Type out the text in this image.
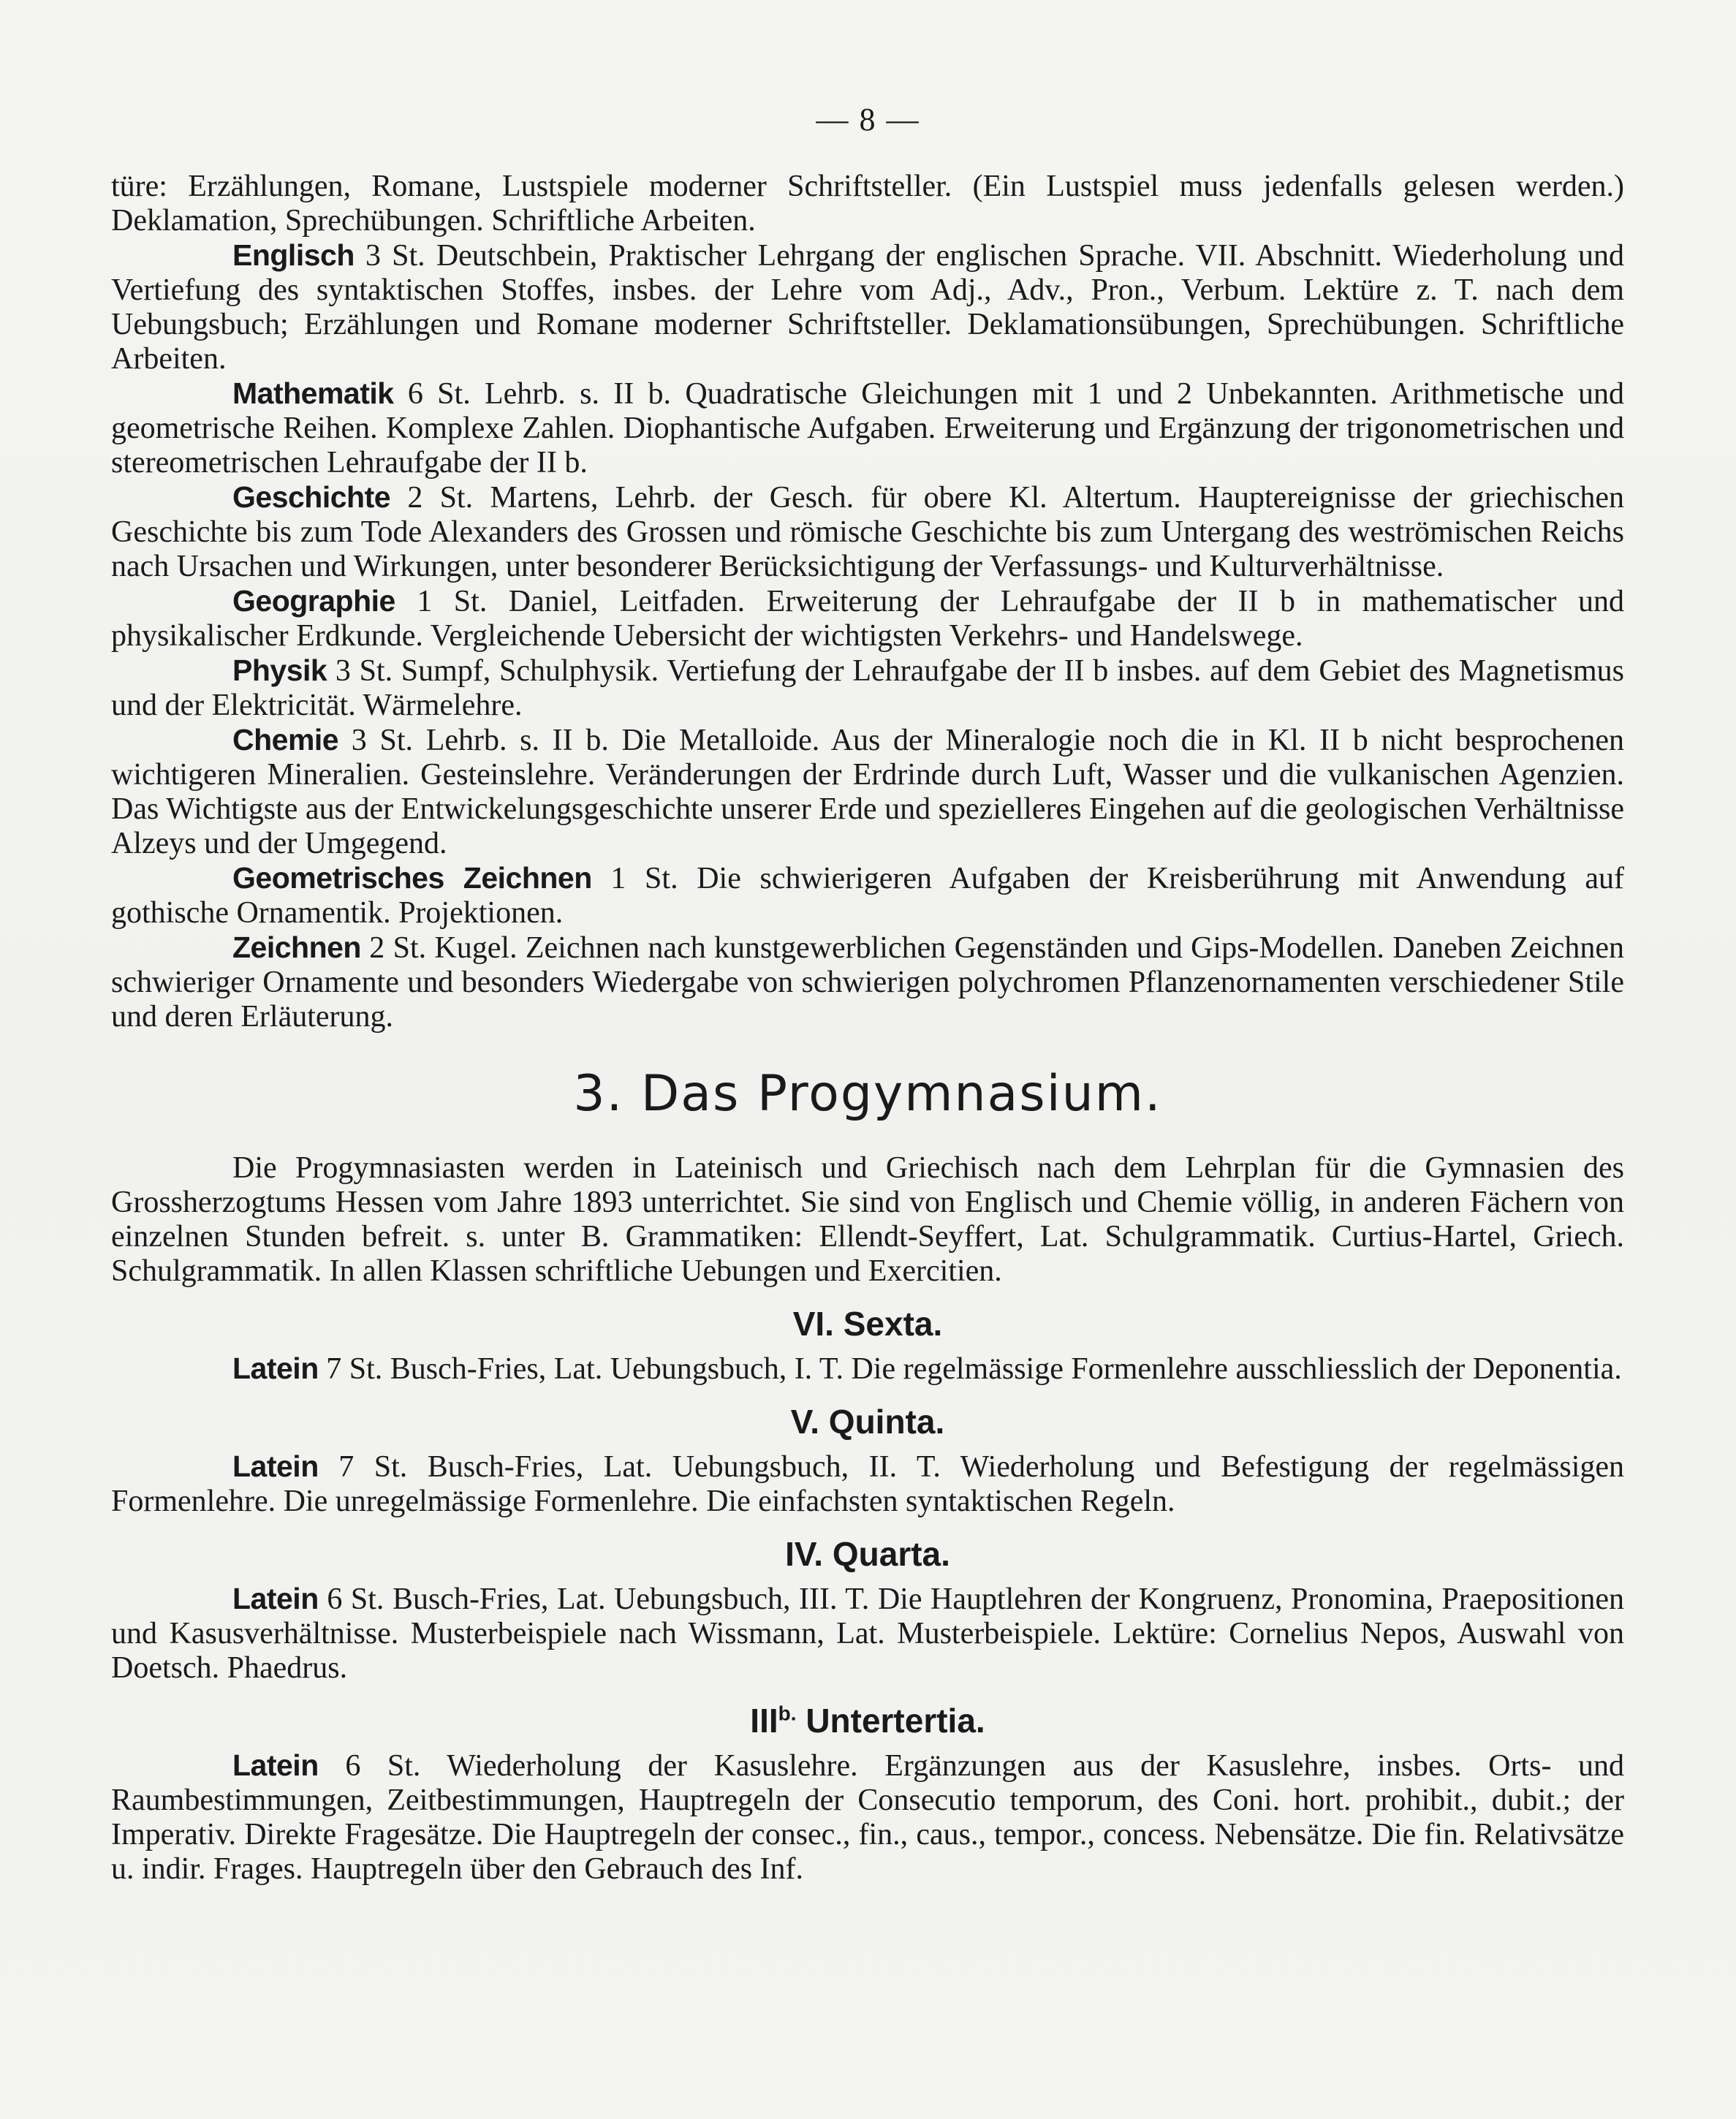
— 8 —

türe: Erzählungen, Romane, Lustspiele moderner Schriftsteller. (Ein Lustspiel muss jedenfalls gelesen werden.) Deklamation, Sprechübungen. Schriftliche Arbeiten.

Englisch 3 St. Deutschbein, Praktischer Lehrgang der englischen Sprache. VII. Abschnitt. Wiederholung und Vertiefung des syntaktischen Stoffes, insbes. der Lehre vom Adj., Adv., Pron., Verbum. Lektüre z. T. nach dem Uebungsbuch; Erzählungen und Romane moderner Schriftsteller. Deklamationsübungen, Sprechübungen. Schriftliche Arbeiten.

Mathematik 6 St. Lehrb. s. II b. Quadratische Gleichungen mit 1 und 2 Unbekannten. Arithmetische und geometrische Reihen. Komplexe Zahlen. Diophantische Aufgaben. Erweiterung und Ergänzung der trigonometrischen und stereometrischen Lehraufgabe der II b.

Geschichte 2 St. Martens, Lehrb. der Gesch. für obere Kl. Altertum. Hauptereignisse der griechischen Geschichte bis zum Tode Alexanders des Grossen und römische Geschichte bis zum Untergang des weströmischen Reichs nach Ursachen und Wirkungen, unter besonderer Berücksichtigung der Verfassungs- und Kulturverhältnisse.

Geographie 1 St. Daniel, Leitfaden. Erweiterung der Lehraufgabe der II b in mathematischer und physikalischer Erdkunde. Vergleichende Uebersicht der wichtigsten Verkehrs- und Handelswege.

Physik 3 St. Sumpf, Schulphysik. Vertiefung der Lehraufgabe der II b insbes. auf dem Gebiet des Magnetismus und der Elektricität. Wärmelehre.

Chemie 3 St. Lehrb. s. II b. Die Metalloide. Aus der Mineralogie noch die in Kl. II b nicht besprochenen wichtigeren Mineralien. Gesteinslehre. Veränderungen der Erdrinde durch Luft, Wasser und die vulkanischen Agenzien. Das Wichtigste aus der Entwickelungsgeschichte unserer Erde und spezielleres Eingehen auf die geologischen Verhältnisse Alzeys und der Umgegend.

Geometrisches Zeichnen 1 St. Die schwierigeren Aufgaben der Kreisberührung mit Anwendung auf gothische Ornamentik. Projektionen.

Zeichnen 2 St. Kugel. Zeichnen nach kunstgewerblichen Gegenständen und Gips-Modellen. Daneben Zeichnen schwieriger Ornamente und besonders Wiedergabe von schwierigen polychromen Pflanzenornamenten verschiedener Stile und deren Erläuterung.

3. Das Progymnasium.

Die Progymnasiasten werden in Lateinisch und Griechisch nach dem Lehrplan für die Gymnasien des Grossherzogtums Hessen vom Jahre 1893 unterrichtet. Sie sind von Englisch und Chemie völlig, in anderen Fächern von einzelnen Stunden befreit. s. unter B. Grammatiken: Ellendt-Seyffert, Lat. Schulgrammatik. Curtius-Hartel, Griech. Schulgrammatik. In allen Klassen schriftliche Uebungen und Exercitien.

VI. Sexta.

Latein 7 St. Busch-Fries, Lat. Uebungsbuch, I. T. Die regelmässige Formenlehre ausschliesslich der Deponentia.

V. Quinta.

Latein 7 St. Busch-Fries, Lat. Uebungsbuch, II. T. Wiederholung und Befestigung der regelmässigen Formenlehre. Die unregelmässige Formenlehre. Die einfachsten syntaktischen Regeln.

IV. Quarta.

Latein 6 St. Busch-Fries, Lat. Uebungsbuch, III. T. Die Hauptlehren der Kongruenz, Pronomina, Praepositionen und Kasusverhältnisse. Musterbeispiele nach Wissmann, Lat. Musterbeispiele. Lektüre: Cornelius Nepos, Auswahl von Doetsch. Phaedrus.

$III^{b.}$ Untertertia.

Latein 6 St. Wiederholung der Kasuslehre. Ergänzungen aus der Kasuslehre, insbes. Orts- und Raumbestimmungen, Zeitbestimmungen, Hauptregeln der Consecutio temporum, des Coni. hort. prohibit., dubit.; der Imperativ. Direkte Fragesätze. Die Hauptregeln der consec., fin., caus., tempor., concess. Nebensätze. Die fin. Relativsätze u. indir. Frages. Hauptregeln über den Gebrauch des Inf.
